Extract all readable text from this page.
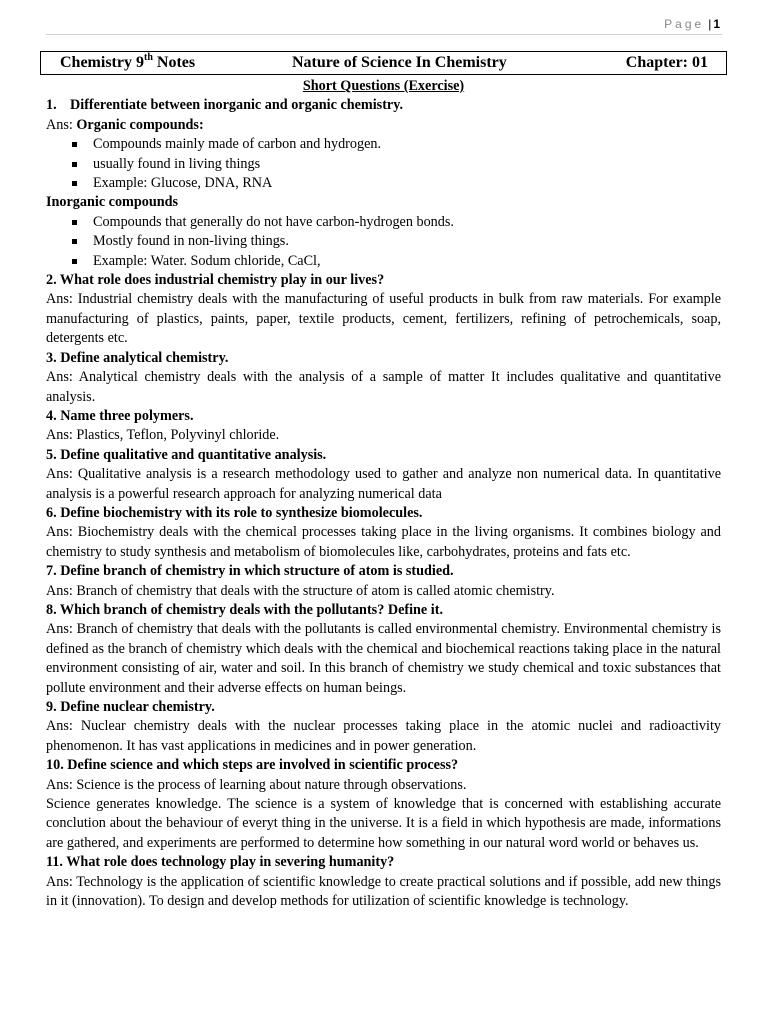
Page | 1
Chemistry 9th Notes	Nature of Science In Chemistry	Chapter: 01

Short Questions (Exercise)

1. Differentiate between inorganic and organic chemistry.

Ans: Organic compounds:

Compounds mainly made of carbon and hydrogen.
usually found in living things
Example: Glucose, DNA, RNA

Inorganic compounds

Compounds that generally do not have carbon-hydrogen bonds.
Mostly found in non-living things.
Example: Water. Sodum chloride, CaCl,

2. What role does industrial chemistry play in our lives?

Ans: Industrial chemistry deals with the manufacturing of useful products in bulk from raw materials. For example manufacturing of plastics, paints, paper, textile products, cement, fertilizers, refining of petrochemicals, soap, detergents etc.

3. Define analytical chemistry.

Ans: Analytical chemistry deals with the analysis of a sample of matter It includes qualitative and quantitative analysis.

4. Name three polymers.

Ans: Plastics, Teflon, Polyvinyl chloride.

5. Define qualitative and quantitative analysis.

Ans: Qualitative analysis is a research methodology used to gather and analyze non numerical data. In quantitative analysis is a powerful research approach for analyzing numerical data

6. Define biochemistry with its role to synthesize biomolecules.

Ans: Biochemistry deals with the chemical processes taking place in the living organisms. It combines biology and chemistry to study synthesis and metabolism of biomolecules like, carbohydrates, proteins and fats etc.

7. Define branch of chemistry in which structure of atom is studied.

Ans: Branch of chemistry that deals with the structure of atom is called atomic chemistry.

8. Which branch of chemistry deals with the pollutants? Define it.

Ans: Branch of chemistry that deals with the pollutants is called environmental chemistry. Environmental chemistry is defined as the branch of chemistry which deals with the chemical and biochemical reactions taking place in the natural environment consisting of air, water and soil. In this branch of chemistry we study chemical and toxic substances that pollute environment and their adverse effects on human beings.

9. Define nuclear chemistry.

Ans: Nuclear chemistry deals with the nuclear processes taking place in the atomic nuclei and radioactivity phenomenon. It has vast applications in medicines and in power generation.

10. Define science and which steps are involved in scientific process?

Ans: Science is the process of learning about nature through observations.

Science generates knowledge. The science is a system of knowledge that is concerned with establishing accurate conclution about the behaviour of everyt thing in the universe. It is a field in which hypothesis are made, informations are gathered, and experiments are performed to determine how something in our natural word world or behaves us.

11. What role does technology play in severing humanity?

Ans: Technology is the application of scientific knowledge to create practical solutions and if possible, add new things in it (innovation). To design and develop methods for utilization of scientific knowledge is technology.
